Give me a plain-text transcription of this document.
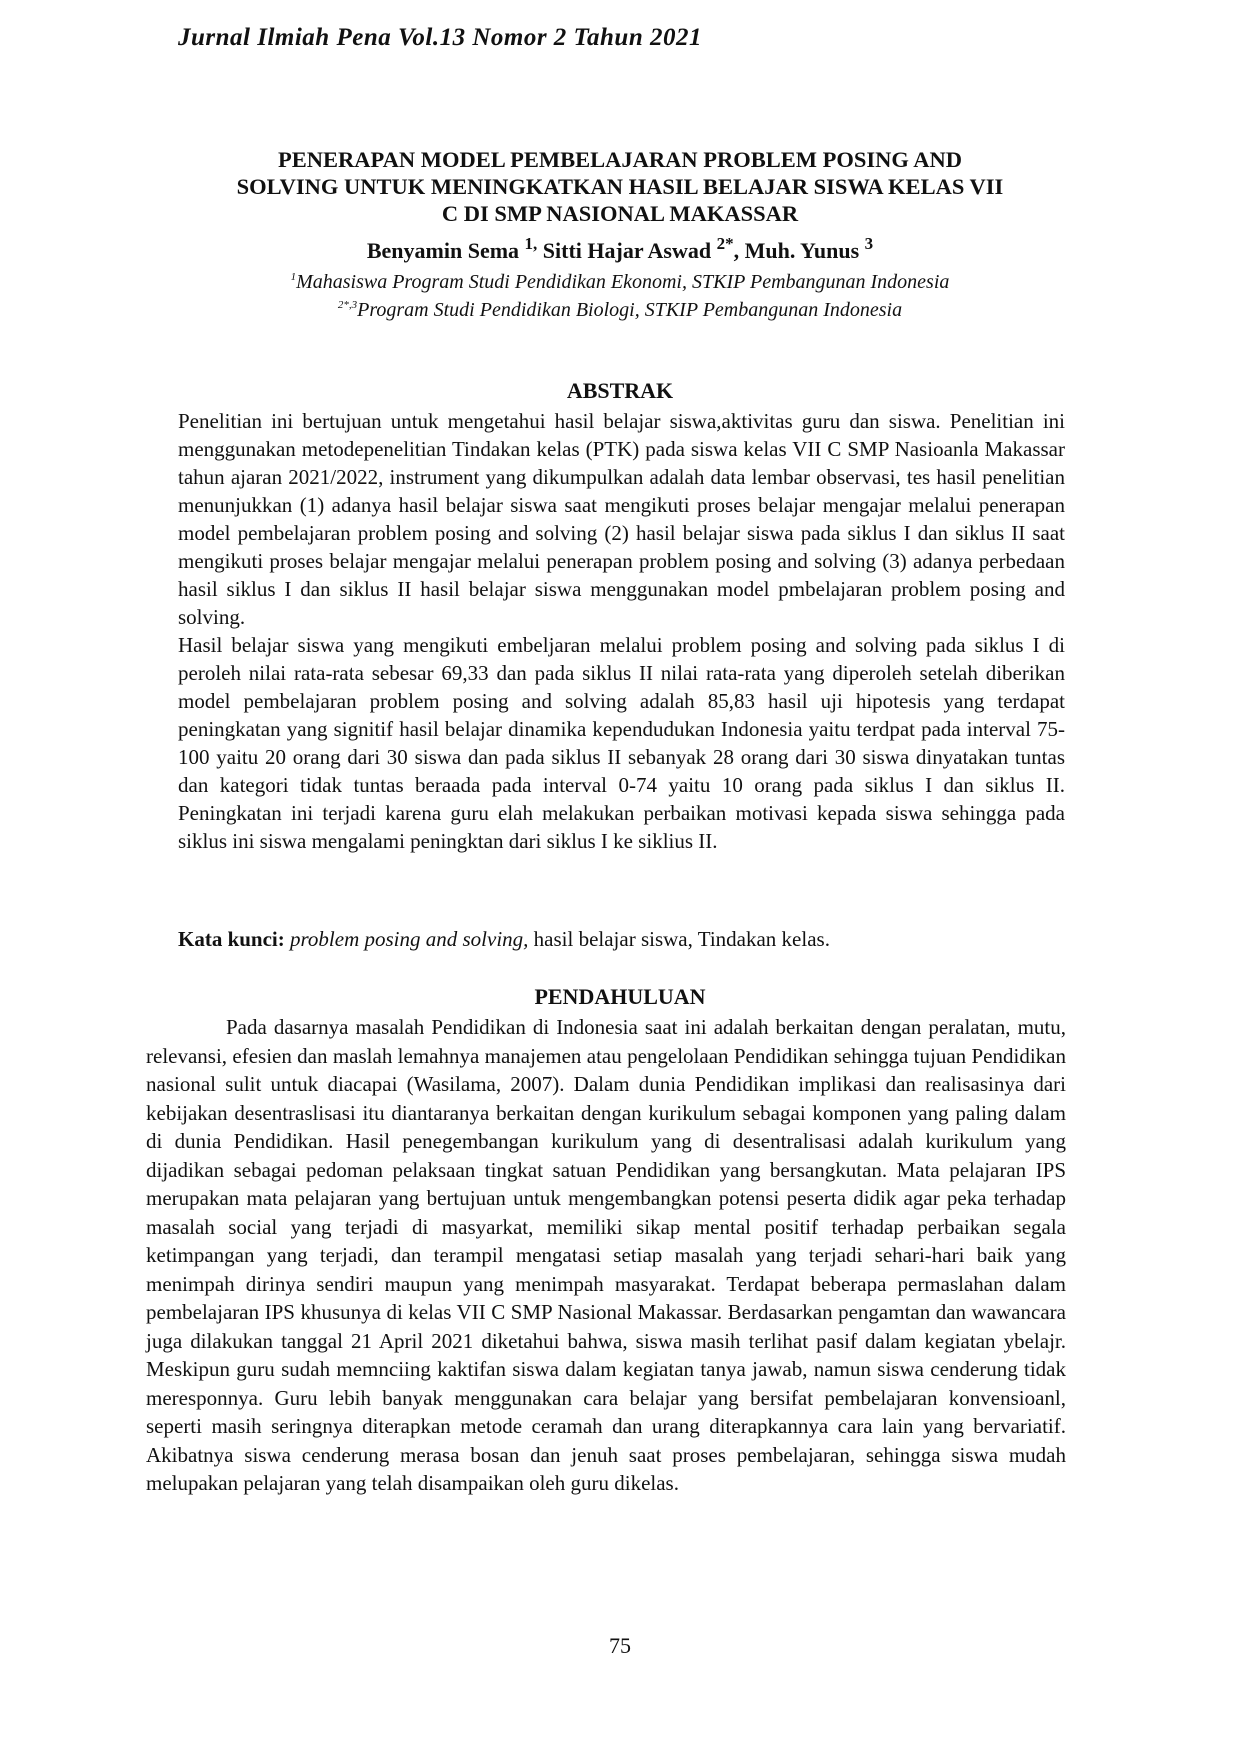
Jurnal Ilmiah Pena Vol.13 Nomor 2 Tahun 2021
PENERAPAN MODEL PEMBELAJARAN PROBLEM POSING AND
SOLVING UNTUK MENINGKATKAN HASIL BELAJAR SISWA KELAS VII
C DI SMP NASIONAL MAKASSAR
Benyamin Sema $^{1,}$ Sitti Hajar Aswad $^{2*}$, Muh. Yunus $^3$
$^1$Mahasiswa Program Studi Pendidikan Ekonomi, STKIP Pembangunan Indonesia
$^{2*,3}$Program Studi Pendidikan Biologi, STKIP Pembangunan Indonesia
ABSTRAK

Penelitian ini bertujuan untuk mengetahui hasil belajar siswa,aktivitas guru dan siswa. Penelitian ini menggunakan metodepenelitian Tindakan kelas (PTK) pada siswa kelas VII C SMP Nasioanla Makassar tahun ajaran 2021/2022, instrument yang dikumpulkan adalah data lembar observasi, tes hasil penelitian menunjukkan (1) adanya hasil belajar siswa saat mengikuti proses belajar mengajar melalui penerapan model pembelajaran problem posing and solving (2) hasil belajar siswa pada siklus I dan siklus II saat mengikuti proses belajar mengajar melalui penerapan problem posing and solving (3) adanya perbedaan hasil siklus I dan siklus II hasil belajar siswa menggunakan model pmbelajaran problem posing and solving.

Hasil belajar siswa yang mengikuti embeljaran melalui problem posing and solving pada siklus I di peroleh nilai rata-rata sebesar 69,33 dan pada siklus II nilai rata-rata yang diperoleh setelah diberikan model pembelajaran problem posing and solving adalah 85,83 hasil uji hipotesis yang terdapat peningkatan yang signitif hasil belajar dinamika kependudukan Indonesia yaitu terdpat pada interval 75-100 yaitu 20 orang dari 30 siswa dan pada siklus II sebanyak 28 orang dari 30 siswa dinyatakan tuntas dan kategori tidak tuntas beraada pada interval 0-74 yaitu 10 orang pada siklus I dan siklus II. Peningkatan ini terjadi karena guru elah melakukan perbaikan motivasi kepada siswa sehingga pada siklus ini siswa mengalami peningktan dari siklus I ke siklius II.

Kata kunci: problem posing and solving, hasil belajar siswa, Tindakan kelas.
PENDAHULUAN

Pada dasarnya masalah Pendidikan di Indonesia saat ini adalah berkaitan dengan peralatan, mutu, relevansi, efesien dan maslah lemahnya manajemen atau pengelolaan Pendidikan sehingga tujuan Pendidikan nasional sulit untuk diacapai (Wasilama, 2007). Dalam dunia Pendidikan implikasi dan realisasinya dari kebijakan desentraslisasi itu diantaranya berkaitan dengan kurikulum sebagai komponen yang paling dalam di dunia Pendidikan. Hasil penegembangan kurikulum yang di desentralisasi adalah kurikulum yang dijadikan sebagai pedoman pelaksaan tingkat satuan Pendidikan yang bersangkutan. Mata pelajaran IPS merupakan mata pelajaran yang bertujuan untuk mengembangkan potensi peserta didik agar peka terhadap masalah social yang terjadi di masyarkat, memiliki sikap mental positif terhadap perbaikan segala ketimpangan yang terjadi, dan terampil mengatasi setiap masalah yang terjadi sehari-hari baik yang menimpah dirinya sendiri maupun yang menimpah masyarakat. Terdapat beberapa permaslahan dalam pembelajaran IPS khusunya di kelas VII C SMP Nasional Makassar. Berdasarkan pengamtan dan wawancara juga dilakukan tanggal 21 April 2021 diketahui bahwa, siswa masih terlihat pasif dalam kegiatan ybelajr. Meskipun guru sudah memnciing kaktifan siswa dalam kegiatan tanya jawab, namun siswa cenderung tidak meresponnya. Guru lebih banyak menggunakan cara belajar yang bersifat pembelajaran konvensioanl, seperti masih seringnya diterapkan metode ceramah dan urang diterapkannya cara lain yang bervariatif. Akibatnya siswa cenderung merasa bosan dan jenuh saat proses pembelajaran, sehingga siswa mudah melupakan pelajaran yang telah disampaikan oleh guru dikelas.

75
